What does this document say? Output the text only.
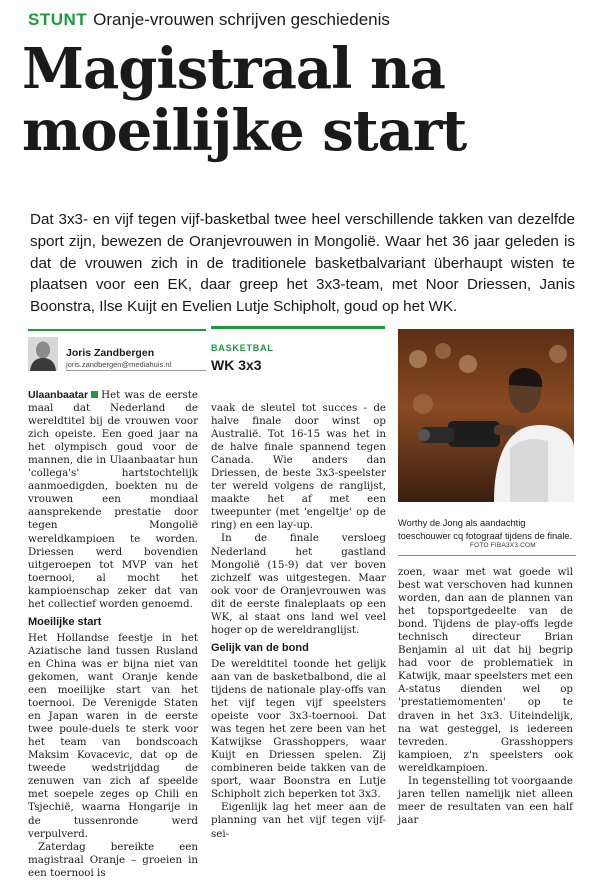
STUNT Oranje-vrouwen schrijven geschiedenis
Magistraal na
moeilijke start
Dat 3x3- en vijf tegen vijf-basketbal twee heel verschillende takken van dezelfde sport zijn, bewezen de Oranjevrouwen in Mongolië. Waar het 36 jaar geleden is dat de vrouwen zich in de traditionele basketbalvariant überhaupt wisten te plaatsen voor een EK, daar greep het 3x3-team, met Noor Driessen, Janis Boonstra, Ilse Kuijt en Evelien Lutje Schipholt, goud op het WK.
Joris Zandbergen
joris.zandbergen@mediahuis.nl

Ulaanbaatar Het was de eerste maal dat Nederland de wereldtitel bij de vrouwen voor zich opeiste. Een goed jaar na het olympisch goud voor de mannen, die in Ulaanbaatar hun 'collega's' hartstochtelijk aanmoedigden, boekten nu de vrouwen een mondiaal aansprekende prestatie door tegen Mongolië wereldkampioen te worden. Driessen werd bovendien uitgeroepen tot MVP van het toernooi, al mocht het kampioenschap zeker dat van het collectief worden genoemd.

Moeilijke start

Het Hollandse feestje in het Aziatische land tussen Rusland en China was er bijna niet van gekomen, want Oranje kende een moeilijke start van het toernooi. De Verenigde Staten en Japan waren in de eerste twee poule-duels te sterk voor het team van bondscoach Maksim Kovacevic, dat op de tweede wedstrijddag de zenuwen van zich af speelde met soepele zeges op Chili en Tsjechië, waarna Hongarije in de tussenronde werd verpulverd.

Zaterdag bereikte een magistraal Oranje – groeien in een toernooi is

BASKETBAL
WK 3x3

vaak de sleutel tot succes - de halve finale door winst op Australië. Tot 16-15 was het in de halve finale spannend tegen Canada. Wie anders dan Driessen, de beste 3x3-speelster ter wereld volgens de ranglijst, maakte het af met een tweepunter (met 'engeltje' op de ring) en een lay-up.

In de finale versloeg Nederland het gastland Mongolië (15-9) dat ver boven zichzelf was uitgestegen. Maar ook voor de Oranjevrouwen was dit de eerste finaleplaats op een WK, al staat ons land wel veel hoger op de wereldranglijst.

Gelijk van de bond

De wereldtitel toonde het gelijk aan van de basketbalbond, die al tijdens de nationale play-offs van het vijf tegen vijf speelsters opeiste voor 3x3-toernooi. Dat was tegen het zere been van het Katwijkse Grasshoppers, waar Kuijt en Driessen spelen. Zij combineren beide takken van de sport, waar Boonstra en Lutje Schipholt zich beperken tot 3x3.

Eigenlijk lag het meer aan de planning van het vijf tegen vijf-sei-

Worthy de Jong als aandachtig toeschouwer cq fotograaf tijdens de finale.
FOTO FIBA3X3.COM

zoen, waar met wat goede wil best wat verschoven had kunnen worden, dan aan de plannen van het topsportgedeelte van de bond. Tijdens de play-offs legde technisch directeur Brian Benjamin al uit dat hij begrip had voor de problematiek in Katwijk, maar speelsters met een A-status dienden wel op 'prestatiemomenten' op te draven in het 3x3. Uiteindelijk, na wat gesteggel, is iedereen tevreden. Grasshoppers kampioen, z'n speelsters ook wereldkampioen.

In tegenstelling tot voorgaande jaren tellen namelijk niet alleen meer de resultaten van een half jaar
